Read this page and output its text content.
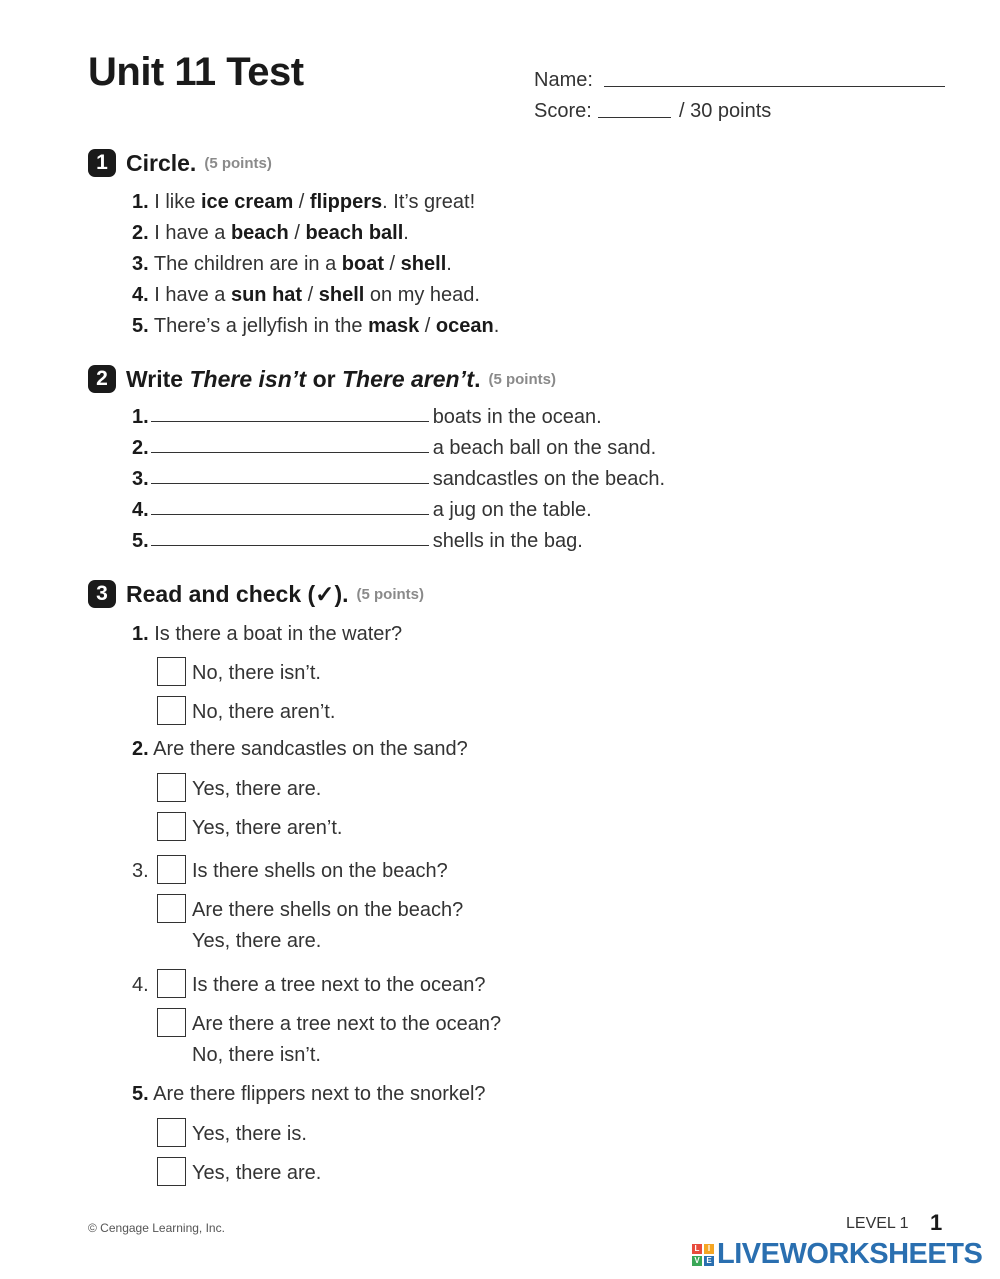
Unit 11 Test	Name:
Score:	/ 30 points
1 Circle. (5 points)
1. I like ice cream / flippers. It’s great!
2. I have a beach / beach ball.
3. The children are in a boat / shell.
4. I have a sun hat / shell on my head.
5. There’s a jellyfish in the mask / ocean.
2 Write There isn’t or There aren’t. (5 points)
1.	boats in the ocean.
2.	a beach ball on the sand.
3.	sandcastles on the beach.
4.	a jug on the table.
5.	shells in the bag.
3 Read and check (✓). (5 points)
1. Is there a boat in the water?
No, there isn’t.
No, there aren’t.
2. Are there sandcastles on the sand?
Yes, there are.
Yes, there aren’t.
3. Is there shells on the beach?
Are there shells on the beach?
Yes, there are.
4. Is there a tree next to the ocean?
Are there a tree next to the ocean?
No, there isn’t.
5. Are there flippers next to the snorkel?
Yes, there is.
Yes, there are.
© Cengage Learning, Inc.	LEVEL 1 1
L	I
V E LIVEWORKSHEETS
